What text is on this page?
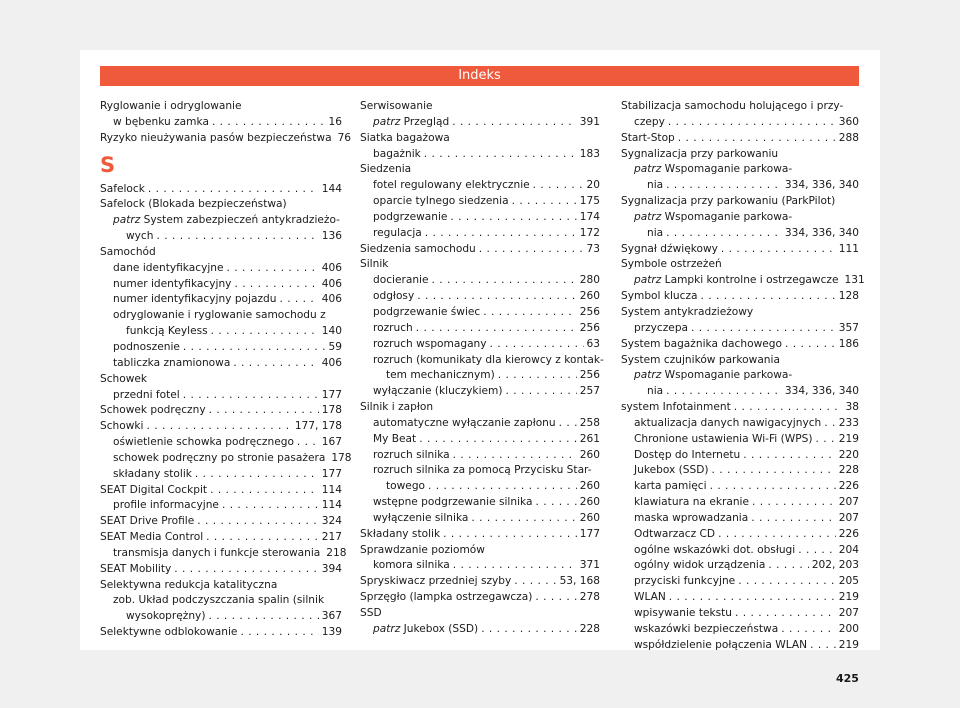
Indeks
Ryglowanie i odryglowanie
w bębenku zamka . . .	16
Ryzyko nieużywania pasów bezpieczeństwa 76
S
Safelock . . .	144
Safelock (Blokada bezpieczeństwa)
patrz System zabezpieczeń antykradzieżo-
wych . . .	136
Samochód
dane identyfikacyjne . . .	406
numer identyfikacyjny . . .	406
numer identyfikacyjny pojazdu . . .	406
odryglowanie i ryglowanie samochodu z
funkcją Keyless . . .	140
podnoszenie . . .	59
tabliczka znamionowa . . .	406
Schowek
przedni fotel . . .	177
Schowek podręczny . . .	178
Schowki . . .	177, 178
oświetlenie schowka podręcznego . . .	167
schowek podręczny po stronie pasażera 178
składany stolik . . .	177
SEAT Digital Cockpit . . .	114
profile informacyjne . . .	114
SEAT Drive Profile . . .	324
SEAT Media Control . . .	217
transmisja danych i funkcje sterowania 218
SEAT Mobility . . .	394
Selektywna redukcja katalityczna
zob. Układ podczyszczania spalin (silnik
wysokoprężny) . . .	367
Selektywne odblokowanie . . .	139
Serwisowanie
patrz Przegląd . . .	391
Siatka bagażowa
bagażnik . . .	183
Siedzenia
fotel regulowany elektrycznie . . .	20
oparcie tylnego siedzenia . . .	175
podgrzewanie . . .	174
regulacja . . .	172
Siedzenia samochodu . . .	73
Silnik
docieranie . . .	280
odgłosy . . .	260
podgrzewanie świec . . .	256
rozruch . . .	256
rozruch wspomagany . . .	63
rozruch (komunikaty dla kierowcy z kontak-
tem mechanicznym) . . .	256
wyłączanie (kluczykiem) . . .	257
Silnik i zapłon
automatyczne wyłączanie zapłonu . . . 258
My Beat . . .	261
rozruch silnika . . .	260
rozruch silnika za pomocą Przycisku Star-
towego . . .	260
wstępne podgrzewanie silnika . . .	260
wyłączenie silnika . . .	260
Składany stolik . . .	177
Sprawdzanie poziomów
komora silnika . . .	371
Spryskiwacz przedniej szyby . . .	53, 168
Sprzęgło (lampka ostrzegawcza) . . .	278
SSD
patrz Jukebox (SSD) . . .	228
Stabilizacja samochodu holującego i przy-
czepy . . .	360
Start-Stop . . .	288
Sygnalizacja przy parkowaniu
patrz Wspomaganie parkowa-
nia . . .	334, 336, 340
Sygnalizacja przy parkowaniu (ParkPilot)
patrz Wspomaganie parkowa-
nia . . .	334, 336, 340
Sygnał dźwiękowy . . .	111
Symbole ostrzeżeń
patrz Lampki kontrolne i ostrzegawcze 131
Symbol klucza . . .	128
System antykradzieżowy
przyczepa . . .	357
System bagażnika dachowego . . .	186
System czujników parkowania
patrz Wspomaganie parkowa-
nia . . .	334, 336, 340
system Infotainment . . .	38
aktualizacja danych nawigacyjnych . . . 233
Chronione ustawienia Wi-Fi (WPS) . . . 219
Dostęp do Internetu . . .	220
Jukebox (SSD) . . .	228
karta pamięci . . .	226
klawiatura na ekranie . . .	207
maska wprowadzania . . .	207
Odtwarzacz CD . . .	226
ogólne wskazówki dot. obsługi . . .	204
ogólny widok urządzenia . . .	202, 203
przyciski funkcyjne . . .	205
WLAN . . .	219
wpisywanie tekstu . . .	207
wskazówki bezpieczeństwa . . .	200
współdzielenie połączenia WLAN . . .	219
425
